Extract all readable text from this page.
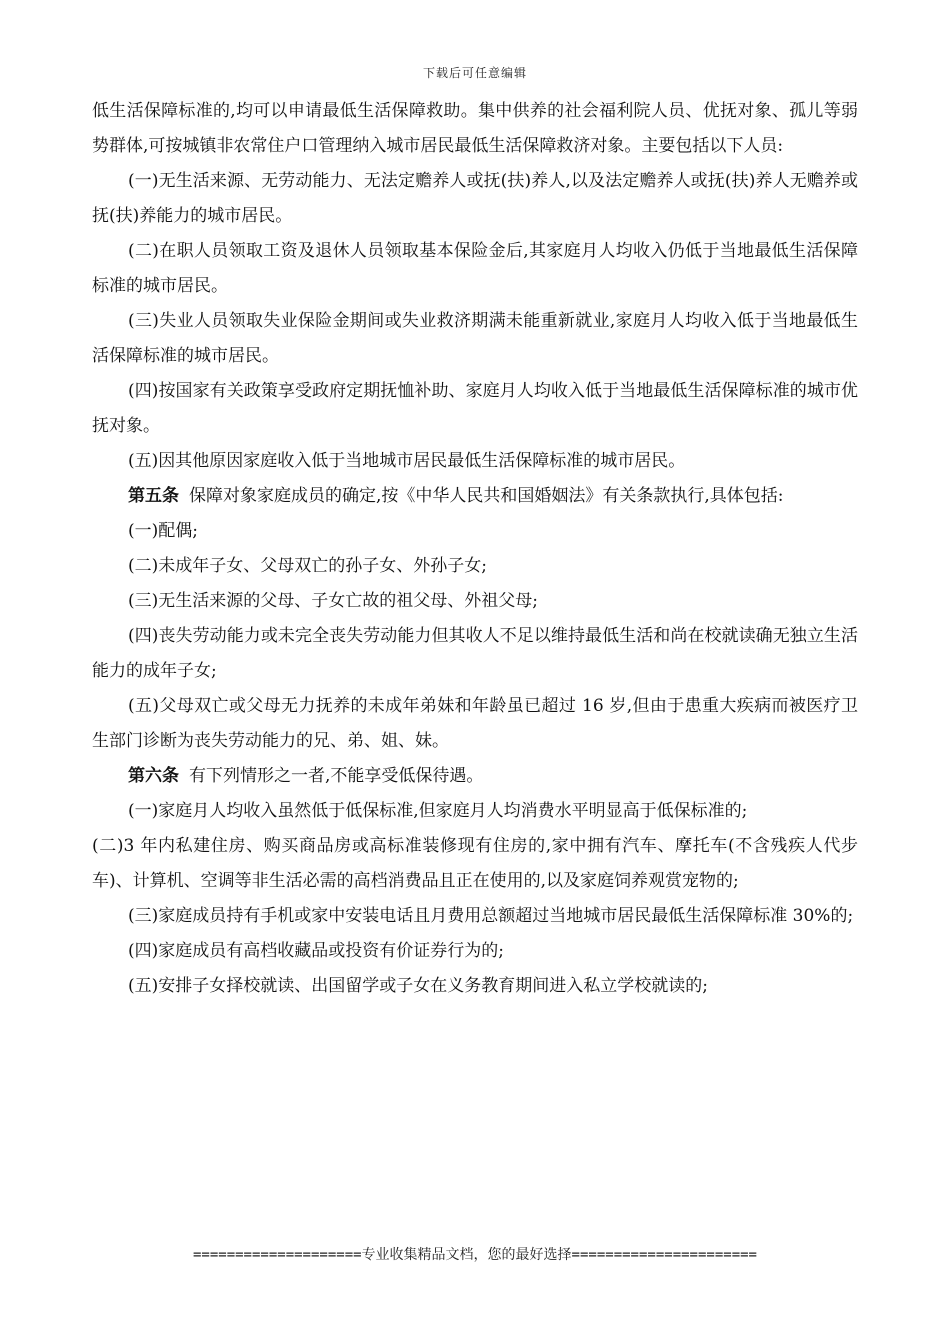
下载后可任意编辑

低生活保障标准的,均可以申请最低生活保障救助。集中供养的社会福利院人员、优抚对象、孤儿等弱势群体,可按城镇非农常住户口管理纳入城市居民最低生活保障救济对象。主要包括以下人员:

(一)无生活来源、无劳动能力、无法定赡养人或抚(扶)养人,以及法定赡养人或抚(扶)养人无赡养或抚(扶)养能力的城市居民。

(二)在职人员领取工资及退休人员领取基本保险金后,其家庭月人均收入仍低于当地最低生活保障标准的城市居民。

(三)失业人员领取失业保险金期间或失业救济期满未能重新就业,家庭月人均收入低于当地最低生活保障标准的城市居民。

(四)按国家有关政策享受政府定期抚恤补助、家庭月人均收入低于当地最低生活保障标准的城市优抚对象。

(五)因其他原因家庭收入低于当地城市居民最低生活保障标准的城市居民。

第五条 保障对象家庭成员的确定,按《中华人民共和国婚姻法》有关条款执行,具体包括:

(一)配偶;

(二)未成年子女、父母双亡的孙子女、外孙子女;

(三)无生活来源的父母、子女亡故的祖父母、外祖父母;

(四)丧失劳动能力或未完全丧失劳动能力但其收人不足以维持最低生活和尚在校就读确无独立生活能力的成年子女;

(五)父母双亡或父母无力抚养的未成年弟妹和年龄虽已超过 16 岁,但由于患重大疾病而被医疗卫生部门诊断为丧失劳动能力的兄、弟、姐、妹。

第六条 有下列情形之一者,不能享受低保待遇。

(一)家庭月人均收入虽然低于低保标准,但家庭月人均消费水平明显高于低保标准的;

(二)3 年内私建住房、购买商品房或高标准装修现有住房的,家中拥有汽车、摩托车(不含残疾人代步车)、计算机、空调等非生活必需的高档消费品且正在使用的,以及家庭饲养观赏宠物的;

(三)家庭成员持有手机或家中安装电话且月费用总额超过当地城市居民最低生活保障标准 30%的;

(四)家庭成员有高档收藏品或投资有价证券行为的;

(五)安排子女择校就读、出国留学或子女在义务教育期间进入私立学校就读的;

====================专业收集精品文档，您的最好选择======================
